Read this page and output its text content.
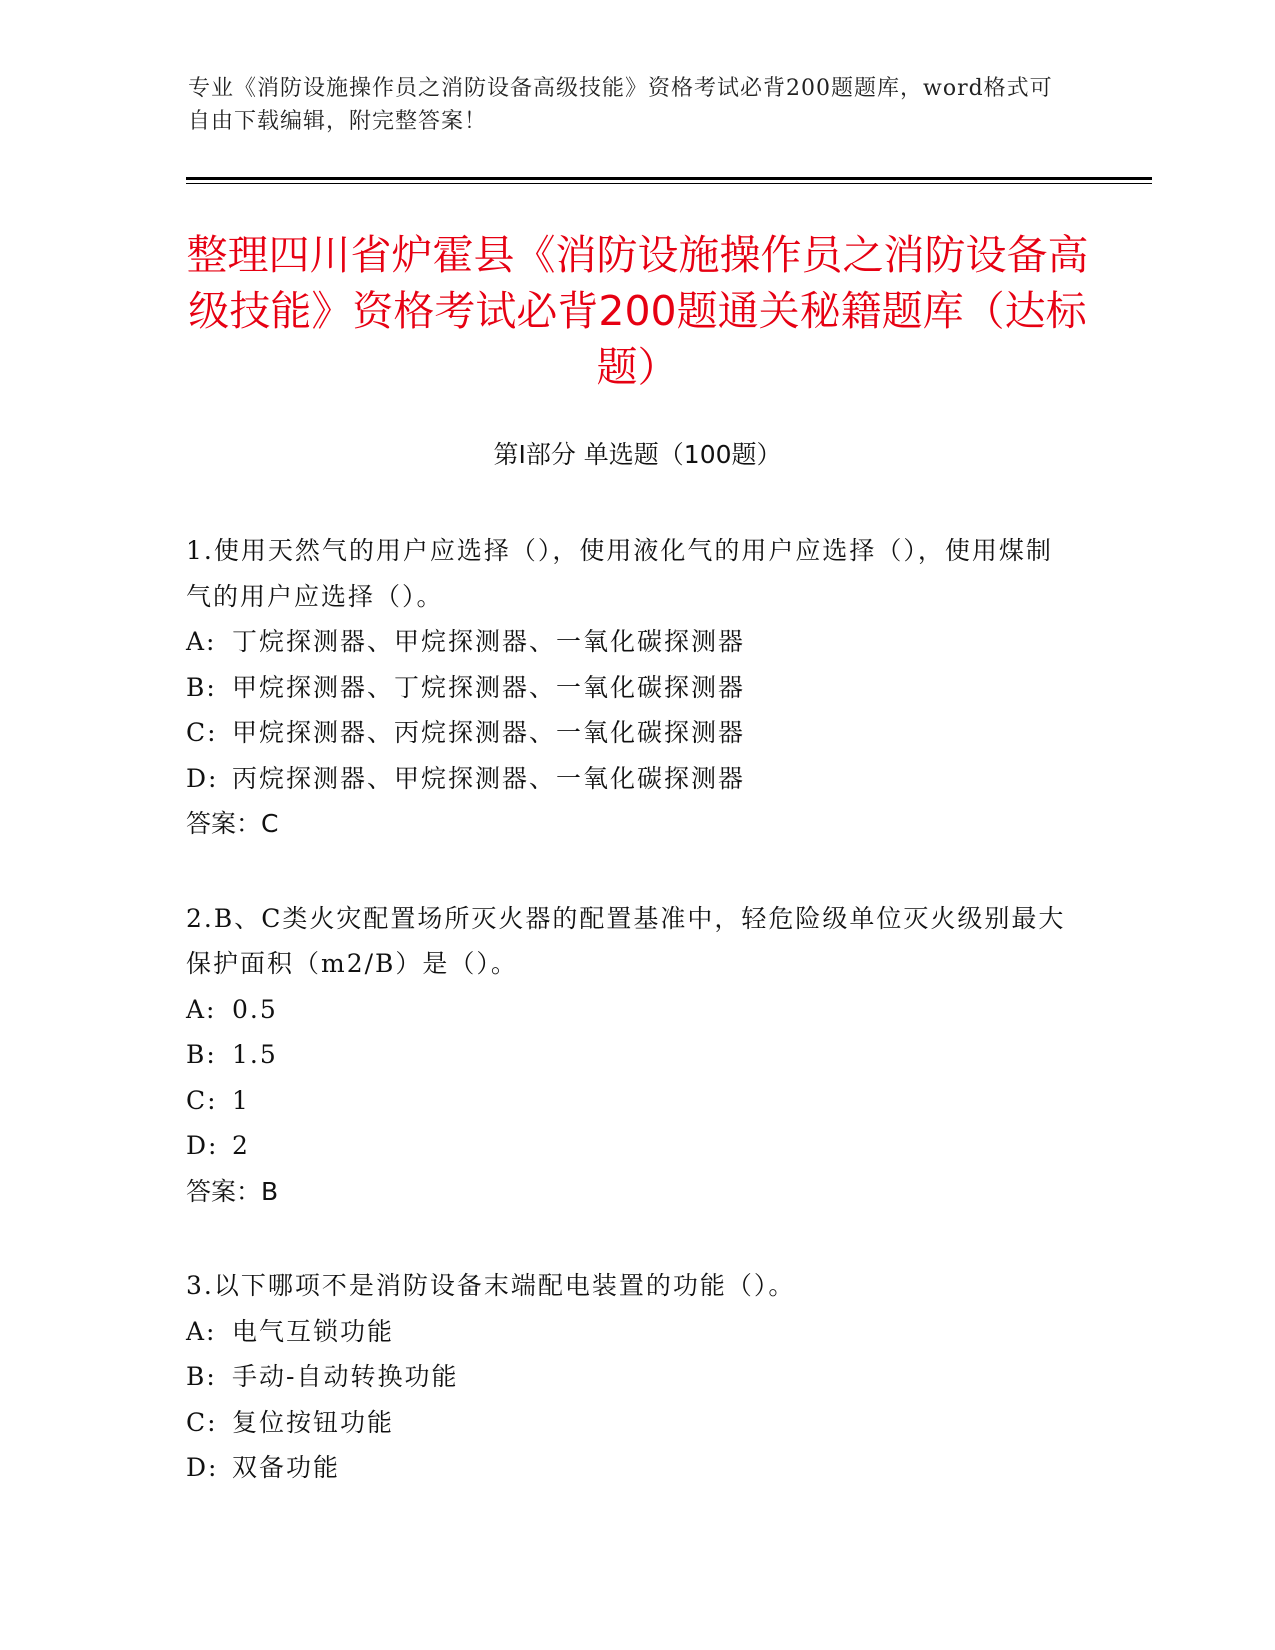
专业《消防设施操作员之消防设备高级技能》资格考试必背200题题库，word格式可自由下载编辑，附完整答案！
整理四川省炉霍县《消防设施操作员之消防设备高级技能》资格考试必背200题通关秘籍题库（达标题）
第Ⅰ部分 单选题（100题）
1.使用天然气的用户应选择（），使用液化气的用户应选择（），使用煤制气的用户应选择（）。
A: 丁烷探测器、甲烷探测器、一氧化碳探测器
B: 甲烷探测器、丁烷探测器、一氧化碳探测器
C: 甲烷探测器、丙烷探测器、一氧化碳探测器
D: 丙烷探测器、甲烷探测器、一氧化碳探测器
答案：C
2.B、C类火灾配置场所灭火器的配置基准中，轻危险级单位灭火级别最大保护面积（m2/B）是（）。
A: 0.5
B: 1.5
C: 1
D: 2
答案：B
3.以下哪项不是消防设备末端配电装置的功能（）。
A: 电气互锁功能
B: 手动-自动转换功能
C: 复位按钮功能
D: 双备功能
